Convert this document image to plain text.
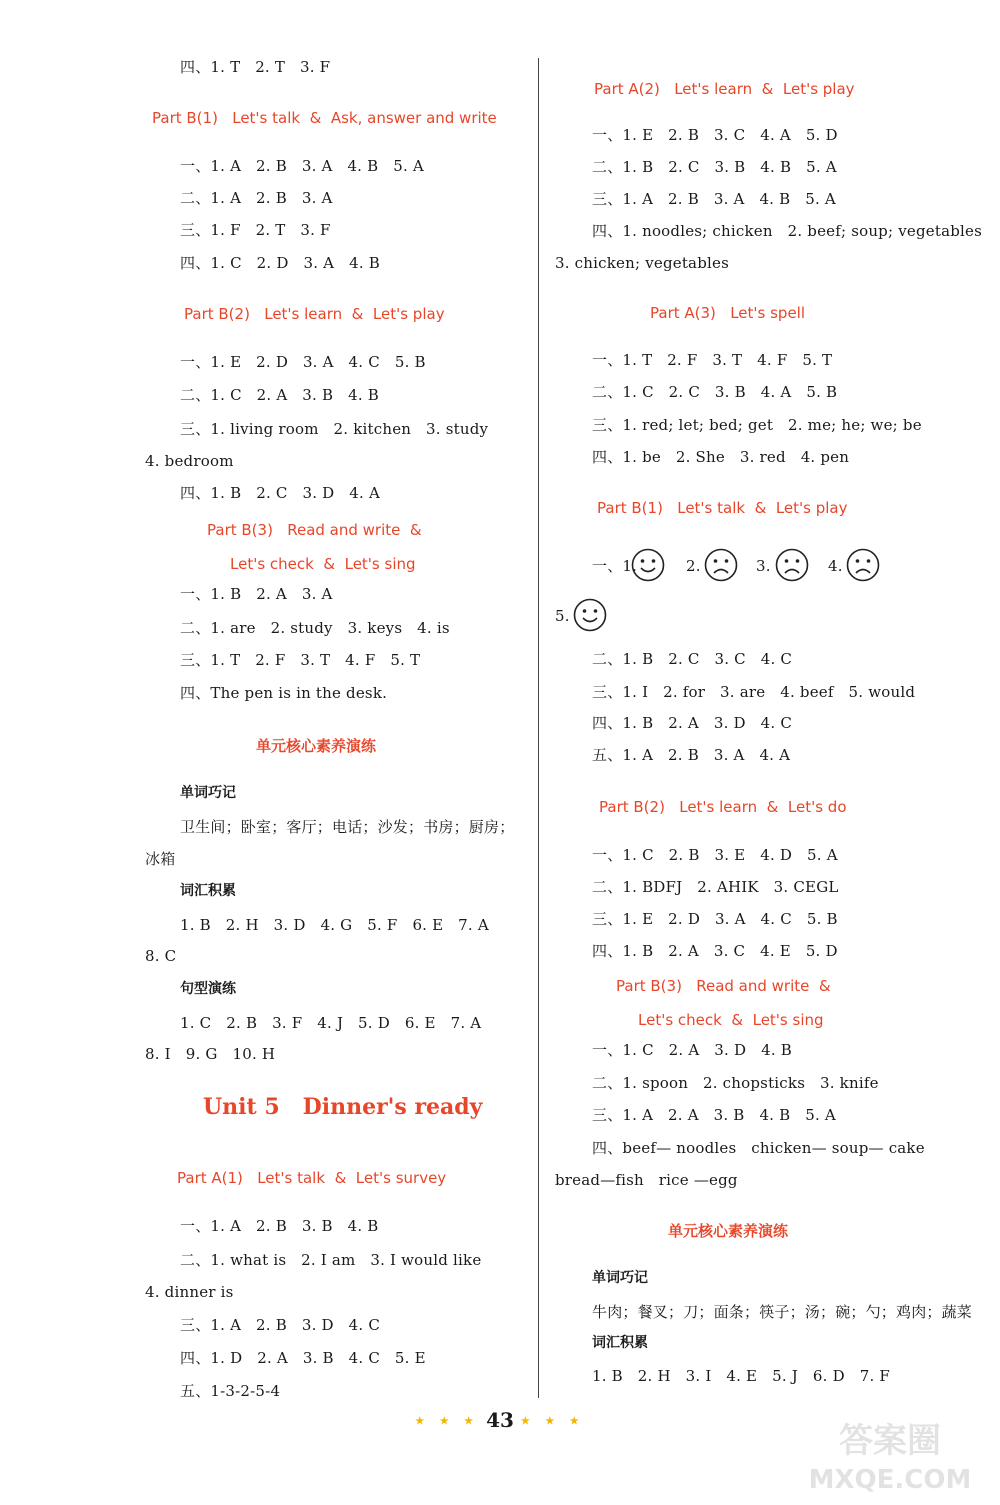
四、1. T   2. T   3. F
Part B(1)   Let's talk  &  Ask, answer and write
一、1. A   2. B   3. A   4. B   5. A
二、1. A   2. B   3. A
三、1. F   2. T   3. F
四、1. C   2. D   3. A   4. B
Part B(2)   Let's learn  &  Let's play
一、1. E   2. D   3. A   4. C   5. B
二、1. C   2. A   3. B   4. B
三、1. living room   2. kitchen   3. study
4. bedroom
四、1. B   2. C   3. D   4. A
Part B(3)   Read and write  &
Let's check  &  Let's sing
一、1. B   2. A   3. A
二、1. are   2. study   3. keys   4. is
三、1. T   2. F   3. T   4. F   5. T
四、The pen is in the desk.
单元核心素养演练
单词巧记
卫生间；卧室；客厅；电话；沙发；书房；厨房；
冰箱
词汇积累
1. B   2. H   3. D   4. G   5. F   6. E   7. A
8. C
句型演练
1. C   2. B   3. F   4. J   5. D   6. E   7. A
8. I   9. G   10. H
Unit 5   Dinner's ready
Part A(1)   Let's talk  &  Let's survey
一、1. A   2. B   3. B   4. B
二、1. what is   2. I am   3. I would like
4. dinner is
三、1. A   2. B   3. D   4. C
四、1. D   2. A   3. B   4. C   5. E
五、1-3-2-5-4
Part A(2)   Let's learn  &  Let's play
一、1. E   2. B   3. C   4. A   5. D
二、1. B   2. C   3. B   4. B   5. A
三、1. A   2. B   3. A   4. B   5. A
四、1. noodles; chicken   2. beef; soup; vegetables
3. chicken; vegetables
Part A(3)   Let's spell
一、1. T   2. F   3. T   4. F   5. T
二、1. C   2. C   3. B   4. A   5. B
三、1. red; let; bed; get   2. me; he; we; be
四、1. be   2. She   3. red   4. pen
Part B(1)   Let's talk  &  Let's play
一、1.	2.	3.	4.
5.
二、1. B   2. C   3. C   4. C
三、1. I   2. for   3. are   4. beef   5. would
四、1. B   2. A   3. D   4. C
五、1. A   2. B   3. A   4. A
Part B(2)   Let's learn  &  Let's do
一、1. C   2. B   3. E   4. D   5. A
二、1. BDFJ   2. AHIK   3. CEGL
三、1. E   2. D   3. A   4. C   5. B
四、1. B   2. A   3. C   4. E   5. D
Part B(3)   Read and write  &
Let's check  &  Let's sing
一、1. C   2. A   3. D   4. B
二、1. spoon   2. chopsticks   3. knife
三、1. A   2. A   3. B   4. B   5. A
四、beef— noodles   chicken— soup— cake
bread—fish   rice —egg
单元核心素养演练
单词巧记
牛肉；餐叉；刀；面条；筷子；汤；碗；勺；鸡肉；蔬菜
词汇积累
1. B   2. H   3. I   4. E   5. J   6. D   7. F
★ ★ ★ 43 ★ ★ ★	答案圈
MXQE.COM
